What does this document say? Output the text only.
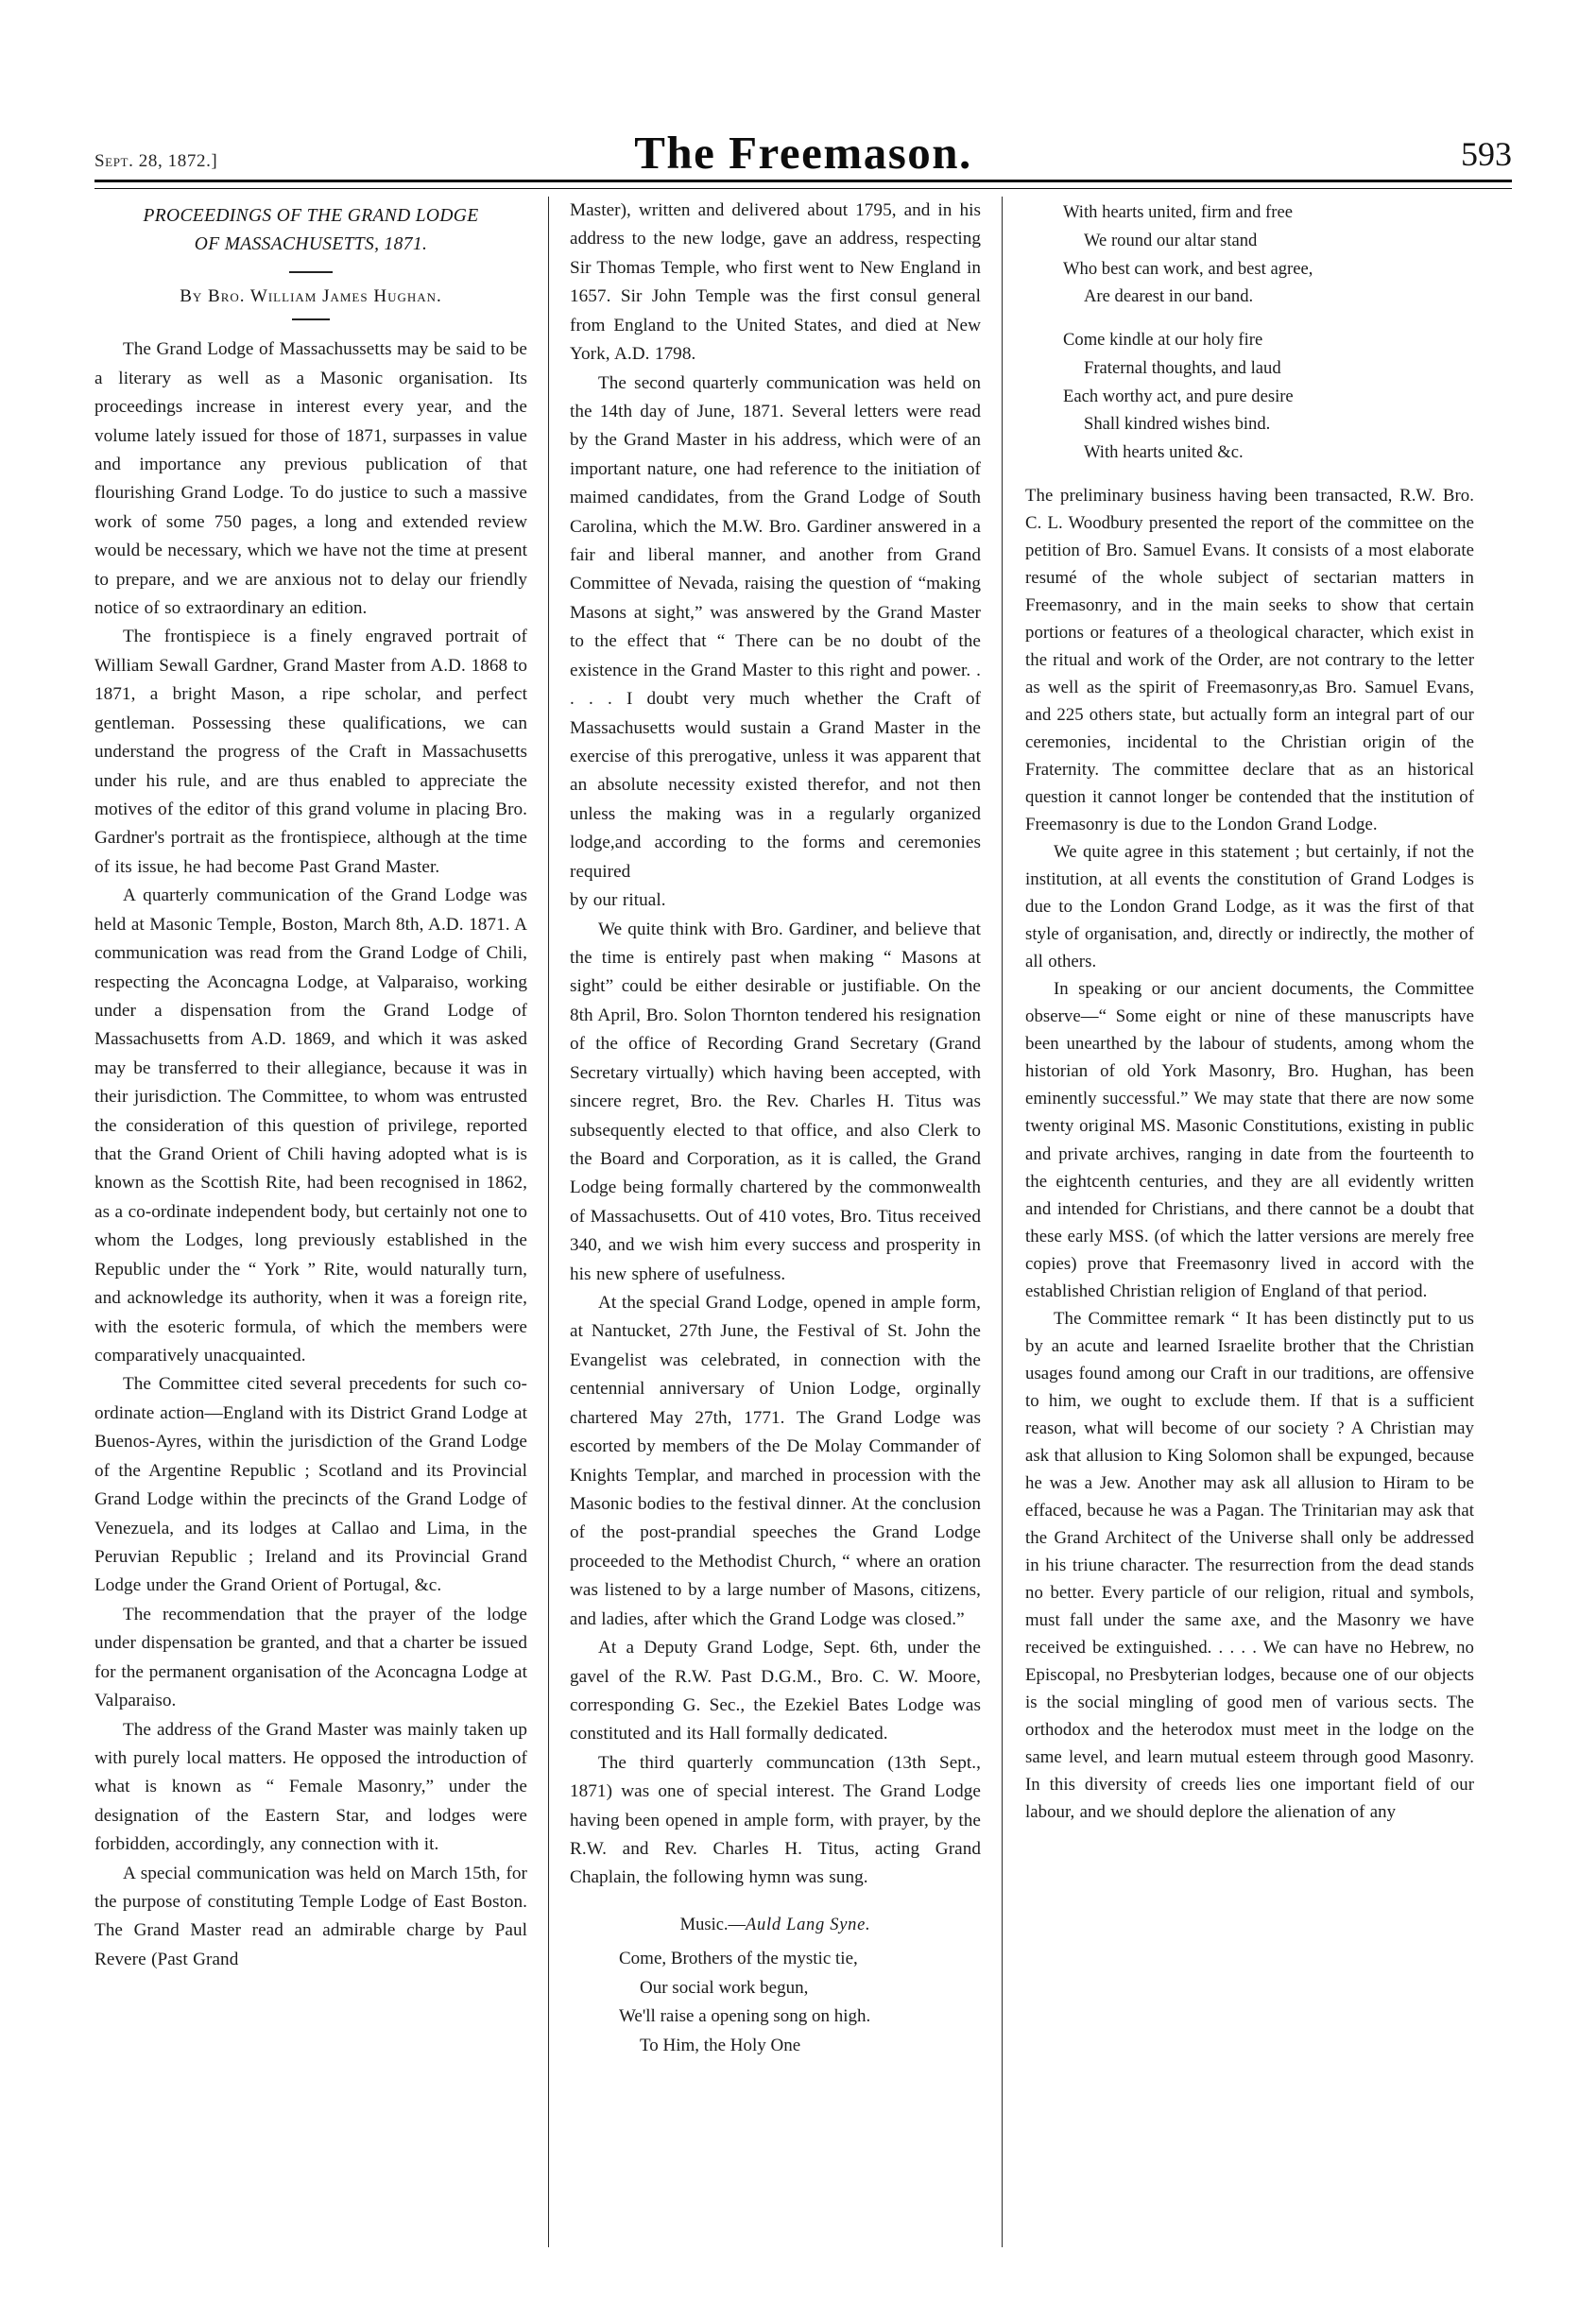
Sept. 28, 1872.]	The Freemason.	593
PROCEEDINGS OF THE GRAND LODGE
OF MASSACHUSETTS, 1871.
By Bro. William James Hughan.

The Grand Lodge of Massachussetts may be said to be a literary as well as a Masonic organisation. Its proceedings increase in interest every year, and the volume lately issued for those of 1871, surpasses in value and importance any previous publication of that flourishing Grand Lodge. To do justice to such a massive work of some 750 pages, a long and extended review would be necessary, which we have not the time at present to prepare, and we are anxious not to delay our friendly notice of so extraordinary an edition.

The frontispiece is a finely engraved portrait of William Sewall Gardner, Grand Master from A.D. 1868 to 1871, a bright Mason, a ripe scholar, and perfect gentleman. Possessing these qualifications, we can understand the progress of the Craft in Massachusetts under his rule, and are thus enabled to appreciate the motives of the editor of this grand volume in placing Bro. Gardner's portrait as the frontispiece, although at the time of its issue, he had become Past Grand Master.

A quarterly communication of the Grand Lodge was held at Masonic Temple, Boston, March 8th, A.D. 1871. A communication was read from the Grand Lodge of Chili, respecting the Aconcagna Lodge, at Valparaiso, working under a dispensation from the Grand Lodge of Massachusetts from A.D. 1869, and which it was asked may be transferred to their allegiance, because it was in their jurisdiction. The Committee, to whom was entrusted the consideration of this question of privilege, reported that the Grand Orient of Chili having adopted what is is known as the Scottish Rite, had been recognised in 1862, as a co-ordinate independent body, but certainly not one to whom the Lodges, long previously established in the Republic under the “ York ” Rite, would naturally turn, and acknowledge its authority, when it was a foreign rite, with the esoteric formula, of which the members were comparatively unacquainted.

The Committee cited several precedents for such co-ordinate action—England with its District Grand Lodge at Buenos-Ayres, within the jurisdiction of the Grand Lodge of the Argentine Republic ; Scotland and its Provincial Grand Lodge within the precincts of the Grand Lodge of Venezuela, and its lodges at Callao and Lima, in the Peruvian Republic ; Ireland and its Provincial Grand Lodge under the Grand Orient of Portugal, &c.

The recommendation that the prayer of the lodge under dispensation be granted, and that a charter be issued for the permanent organisation of the Aconcagna Lodge at Valparaiso.

The address of the Grand Master was mainly taken up with purely local matters. He opposed the introduction of what is known as “ Female Masonry,” under the designation of the Eastern Star, and lodges were forbidden, accordingly, any connection with it.

A special communication was held on March 15th, for the purpose of constituting Temple Lodge of East Boston. The Grand Master read an admirable charge by Paul Revere (Past Grand

Master), written and delivered about 1795, and in his address to the new lodge, gave an address, respecting Sir Thomas Temple, who first went to New England in 1657. Sir John Temple was the first consul general from England to the United States, and died at New York, A.D. 1798.

The second quarterly communication was held on the 14th day of June, 1871. Several letters were read by the Grand Master in his address, which were of an important nature, one had reference to the initiation of maimed candidates, from the Grand Lodge of South Carolina, which the M.W. Bro. Gardiner answered in a fair and liberal manner, and another from Grand Committee of Nevada, raising the question of “making Masons at sight,” was answered by the Grand Master to the effect that “ There can be no doubt of the existence in the Grand Master to this right and power. . . . . I doubt very much whether the Craft of Massachusetts would sustain a Grand Master in the exercise of this prerogative, unless it was apparent that an absolute necessity existed therefor, and not then unless the making was in a regularly organized lodge,and according to the forms and ceremonies required

by our ritual.

We quite think with Bro. Gardiner, and believe that the time is entirely past when making “ Masons at sight” could be either desirable or justifiable. On the 8th April, Bro. Solon Thornton tendered his resignation of the office of Recording Grand Secretary (Grand Secretary virtually) which having been accepted, with sincere regret, Bro. the Rev. Charles H. Titus was subsequently elected to that office, and also Clerk to the Board and Corporation, as it is called, the Grand Lodge being formally chartered by the commonwealth of Massachusetts. Out of 410 votes, Bro. Titus received 340, and we wish him every success and prosperity in his new sphere of usefulness.

At the special Grand Lodge, opened in ample form, at Nantucket, 27th June, the Festival of St. John the Evangelist was celebrated, in connection with the centennial anniversary of Union Lodge, orginally chartered May 27th, 1771. The Grand Lodge was escorted by members of the De Molay Commander of Knights Templar, and marched in procession with the Masonic bodies to the festival dinner. At the conclusion of the post-prandial speeches the Grand Lodge proceeded to the Methodist Church, “ where an oration was listened to by a large number of Masons, citizens, and ladies, after which the Grand Lodge was closed.”

At a Deputy Grand Lodge, Sept. 6th, under the gavel of the R.W. Past D.G.M., Bro. C. W. Moore, corresponding G. Sec., the Ezekiel Bates Lodge was constituted and its Hall formally dedicated.

The third quarterly communcation (13th Sept., 1871) was one of special interest. The Grand Lodge having been opened in ample form, with prayer, by the R.W. and Rev. Charles H. Titus, acting Grand Chaplain, the following hymn was sung.

Music.—Auld Lang Syne.
Come, Brothers of the mystic tie,
Our social work begun,
We'll raise a opening song on high.
To Him, the Holy One
With hearts united, firm and free
We round our altar stand
Who best can work, and best agree,
Are dearest in our band.
Come kindle at our holy fire
Fraternal thoughts, and laud
Each worthy act, and pure desire
Shall kindred wishes bind.
With hearts united &c.

The preliminary business having been transacted, R.W. Bro. C. L. Woodbury presented the report of the committee on the petition of Bro. Samuel Evans. It consists of a most elaborate resumé of the whole subject of sectarian matters in Freemasonry, and in the main seeks to show that certain portions or features of a theological character, which exist in the ritual and work of the Order, are not contrary to the letter as well as the spirit of Freemasonry,as Bro. Samuel Evans, and 225 others state, but actually form an integral part of our ceremonies, incidental to the Christian origin of the Fraternity. The committee declare that as an historical question it cannot longer be contended that the institution of Freemasonry is due to the London Grand Lodge.

We quite agree in this statement ; but certainly, if not the institution, at all events the constitution of Grand Lodges is due to the London Grand Lodge, as it was the first of that style of organisation, and, directly or indirectly, the mother of all others.

In speaking or our ancient documents, the Committee observe—“ Some eight or nine of these manuscripts have been unearthed by the labour of students, among whom the historian of old York Masonry, Bro. Hughan, has been eminently successful.” We may state that there are now some twenty original MS. Masonic Constitutions, existing in public and private archives, ranging in date from the fourteenth to the eightcenth centuries, and they are all evidently written and intended for Christians, and there cannot be a doubt that these early MSS. (of which the latter versions are merely free copies) prove that Freemasonry lived in accord with the established Christian religion of England of that period.

The Committee remark “ It has been distinctly put to us by an acute and learned Israelite brother that the Christian usages found among our Craft in our traditions, are offensive to him, we ought to exclude them. If that is a sufficient reason, what will become of our society ? A Christian may ask that allusion to King Solomon shall be expunged, because he was a Jew. Another may ask all allusion to Hiram to be effaced, because he was a Pagan. The Trinitarian may ask that the Grand Architect of the Universe shall only be addressed in his triune character. The resurrection from the dead stands no better. Every particle of our religion, ritual and symbols, must fall under the same axe, and the Masonry we have received be extinguished. . . . . We can have no Hebrew, no Episcopal, no Presbyterian lodges, because one of our objects is the social mingling of good men of various sects. The orthodox and the heterodox must meet in the lodge on the same level, and learn mutual esteem through good Masonry. In this diversity of creeds lies one important field of our labour, and we should deplore the alienation of any
